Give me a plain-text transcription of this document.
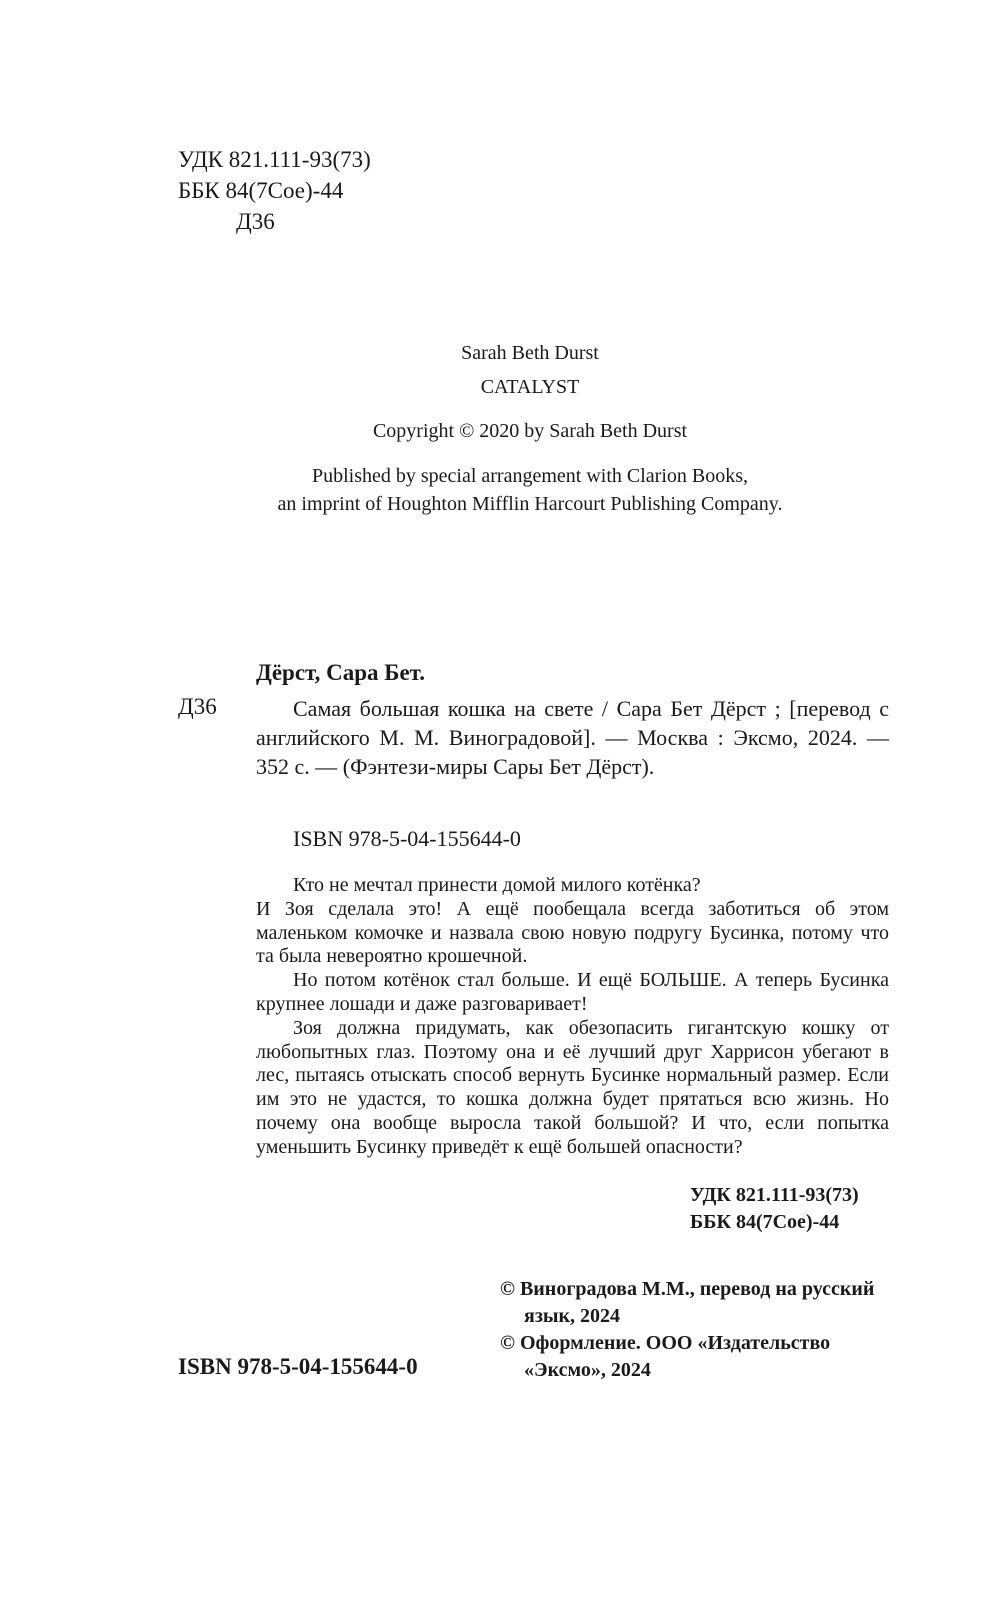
УДК 821.111-93(73)
ББК 84(7Сое)-44
Д36
Sarah Beth Durst
CATALYST
Copyright © 2020 by Sarah Beth Durst
Published by special arrangement with Clarion Books,
an imprint of Houghton Mifflin Harcourt Publishing Company.
Дёрст, Сара Бет.
Д36	Самая большая кошка на свете / Сара Бет Дёрст ; [перевод с английского М. М. Виноградовой]. — Москва : Эксмо, 2024. — 352 с. — (Фэнтези-миры Сары Бет Дёрст).
ISBN 978-5-04-155644-0

Кто не мечтал принести домой милого котёнка?

И Зоя сделала это! А ещё пообещала всегда заботиться об этом маленьком комочке и назвала свою новую подругу Бусинка, потому что та была невероятно крошечной.

Но потом котёнок стал больше. И ещё БОЛЬШЕ. А теперь Бусинка крупнее лошади и даже разговаривает!

Зоя должна придумать, как обезопасить гигантскую кошку от любопытных глаз. Поэтому она и её лучший друг Харрисон убегают в лес, пытаясь отыскать способ вернуть Бусинке нормальный размер. Если им это не удастся, то кошка должна будет прятаться всю жизнь. Но почему она вообще выросла такой большой? И что, если попытка уменьшить Бусинку приведёт к ещё большей опасности?

УДК 821.111-93(73)
ББК 84(7Сое)-44

© Виноградова М.М., перевод на русский язык, 2024

© Оформление. ООО «Издательство «Эксмо», 2024

ISBN 978-5-04-155644-0
